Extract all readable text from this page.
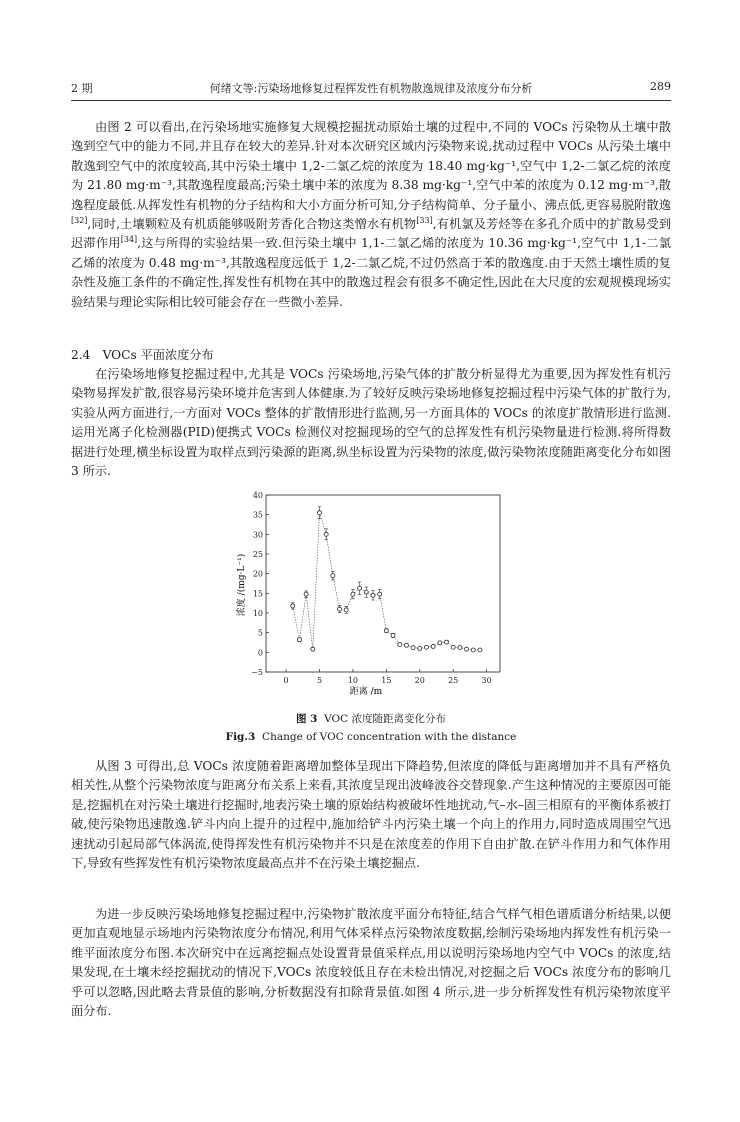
2 期	何绪文等:污染场地修复过程挥发性有机物散逸规律及浓度分布分析	289

由图 2 可以看出,在污染场地实施修复大规模挖掘扰动原始土壤的过程中,不同的 VOCs 污染物从土壤中散逸到空气中的能力不同,并且存在较大的差异.针对本次研究区域内污染物来说,扰动过程中 VOCs 从污染土壤中散逸到空气中的浓度较高,其中污染土壤中 1,2-二氯乙烷的浓度为 18.40 mg·kg⁻¹,空气中 1,2-二氯乙烷的浓度为 21.80 mg·m⁻³,其散逸程度最高;污染土壤中苯的浓度为 8.38 mg·kg⁻¹,空气中苯的浓度为 0.12 mg·m⁻³,散逸程度最低.从挥发性有机物的分子结构和大小方面分析可知,分子结构简单、分子量小、沸点低,更容易脱附散逸[32],同时,土壤颗粒及有机质能够吸附芳香化合物这类憎水有机物[33],有机氯及芳烃等在多孔介质中的扩散易受到迟滞作用[34],这与所得的实验结果一致.但污染土壤中 1,1-二氯乙烯的浓度为 10.36 mg·kg⁻¹,空气中 1,1-二氯乙烯的浓度为 0.48 mg·m⁻³,其散逸程度远低于 1,2-二氯乙烷,不过仍然高于苯的散逸度.由于天然土壤性质的复杂性及施工条件的不确定性,挥发性有机物在其中的散逸过程会有很多不确定性,因此在大尺度的宏观规模现场实验结果与理论实际相比较可能会存在一些微小差异.

2.4　VOCs 平面浓度分布

在污染场地修复挖掘过程中,尤其是 VOCs 污染场地,污染气体的扩散分析显得尤为重要,因为挥发性有机污染物易挥发扩散,很容易污染环境并危害到人体健康.为了较好反映污染场地修复挖掘过程中污染气体的扩散行为,实验从两方面进行,一方面对 VOCs 整体的扩散情形进行监测,另一方面具体的 VOCs 的浓度扩散情形进行监测.运用光离子化检测器(PID)便携式 VOCs 检测仪对挖掘现场的空气的总挥发性有机污染物量进行检测.将所得数据进行处理,横坐标设置为取样点到污染源的距离,纵坐标设置为污染物的浓度,做污染物浓度随距离变化分布如图 3 所示.

−5
0
5
10
15
20
25
30
35
40
0	5	10	15	20	25	30
浓度 /(mg·L⁻¹)
距离 /m
图 3 VOC 浓度随距离变化分布
Fig.3 Change of VOC concentration with the distance

从图 3 可得出,总 VOCs 浓度随着距离增加整体呈现出下降趋势,但浓度的降低与距离增加并不具有严格负相关性,从整个污染物浓度与距离分布关系上来看,其浓度呈现出波峰波谷交替现象.产生这种情况的主要原因可能是,挖掘机在对污染土壤进行挖掘时,地表污染土壤的原始结构被破坏性地扰动,气–水–固三相原有的平衡体系被打破,使污染物迅速散逸.铲斗内向上提升的过程中,施加给铲斗内污染土壤一个向上的作用力,同时造成周围空气迅速扰动引起局部气体涡流,使得挥发性有机污染物并不只是在浓度差的作用下自由扩散.在铲斗作用力和气体作用下,导致有些挥发性有机污染物浓度最高点并不在污染土壤挖掘点.

为进一步反映污染场地修复挖掘过程中,污染物扩散浓度平面分布特征,结合气样气相色谱质谱分析结果,以便更加直观地显示场地内污染物浓度分布情况,利用气体采样点污染物浓度数据,绘制污染场地内挥发性有机污染一维平面浓度分布图.本次研究中在远离挖掘点处设置背景值采样点,用以说明污染场地内空气中 VOCs 的浓度,结果发现,在土壤未经挖掘扰动的情况下,VOCs 浓度较低且存在未检出情况,对挖掘之后 VOCs 浓度分布的影响几乎可以忽略,因此略去背景值的影响,分析数据没有扣除背景值.如图 4 所示,进一步分析挥发性有机污染物浓度平面分布.
